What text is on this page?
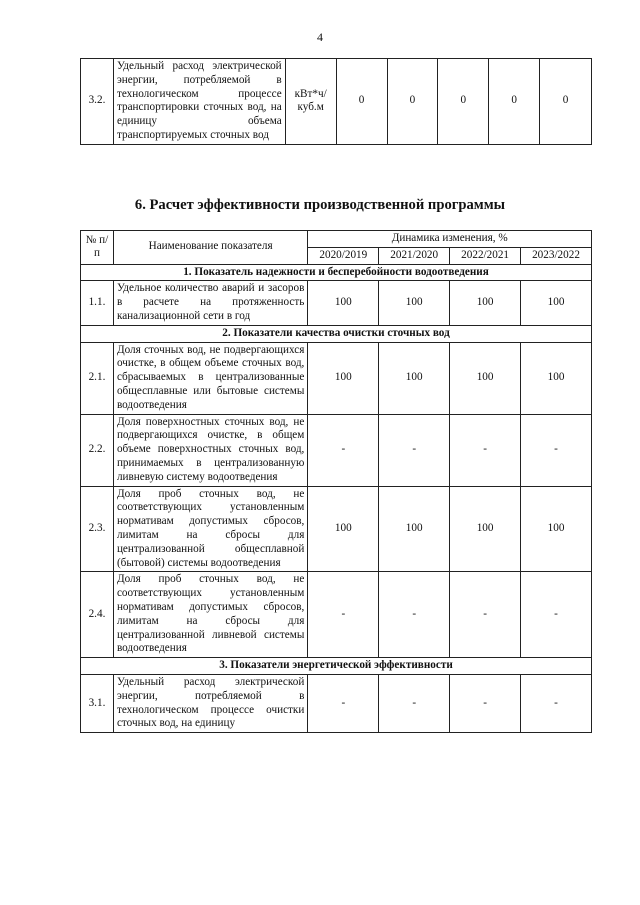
4
3.2.	Удельный расход электрической энергии, потребляемой в технологическом процессе транспортировки сточных вод, на единицу объема транспортируемых сточных вод	кВт*ч/ куб.м	0	0	0	0	0
6. Расчет эффективности производственной программы
№ п/п	Наименование показателя	Динамика изменения, %			
		2020/2019	2021/2020	2022/2021	2023/2022
1. Показатель надежности и бесперебойности водоотведения					
1.1.	Удельное количество аварий и засоров в расчете на протяженность канализационной сети в год	100	100	100	100
2. Показатели качества очистки сточных вод					
2.1.	Доля сточных вод, не подвергающихся очистке, в общем объеме сточных вод, сбрасываемых в централизованные общесплавные или бытовые системы водоотведения	100	100	100	100
2.2.	Доля поверхностных сточных вод, не подвергающихся очистке, в общем объеме поверхностных сточных вод, принимаемых в централизованную ливневую систему водоотведения	-	-	-	-
2.3.	Доля проб сточных вод, не соответствующих установленным нормативам допустимых сбросов, лимитам на сбросы для централизованной общесплавной (бытовой) системы водоотведения	100	100	100	100
2.4.	Доля проб сточных вод, не соответствующих установленным нормативам допустимых сбросов, лимитам на сбросы для централизованной ливневой системы водоотведения	-	-	-	-
3. Показатели энергетической эффективности					
3.1.	Удельный расход электрической энергии, потребляемой в технологическом процессе очистки сточных вод, на единицу	-	-	-	-
